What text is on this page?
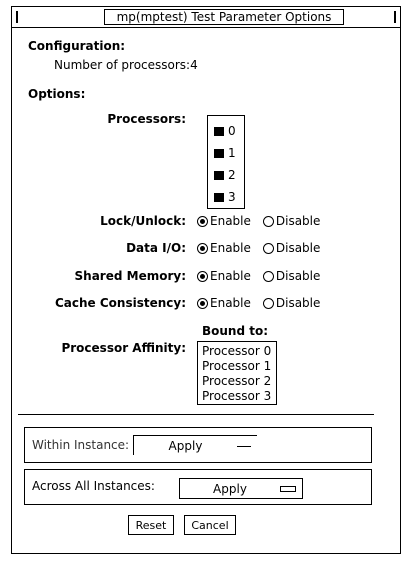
mp(mptest) Test Parameter Options
Configuration:
Number of processors:4
Options:
Processors:
0
1
2
3
Lock/Unlock: Enable Disable
Data I/O: Enable Disable
Shared Memory: Enable Disable
Cache Consistency: Enable Disable
Bound to:
Processor Affinity: Processor 0
Processor 1
Processor 2
Processor 3
Within Instance:	Apply
Across All Instances:	Apply
Reset	Cancel
